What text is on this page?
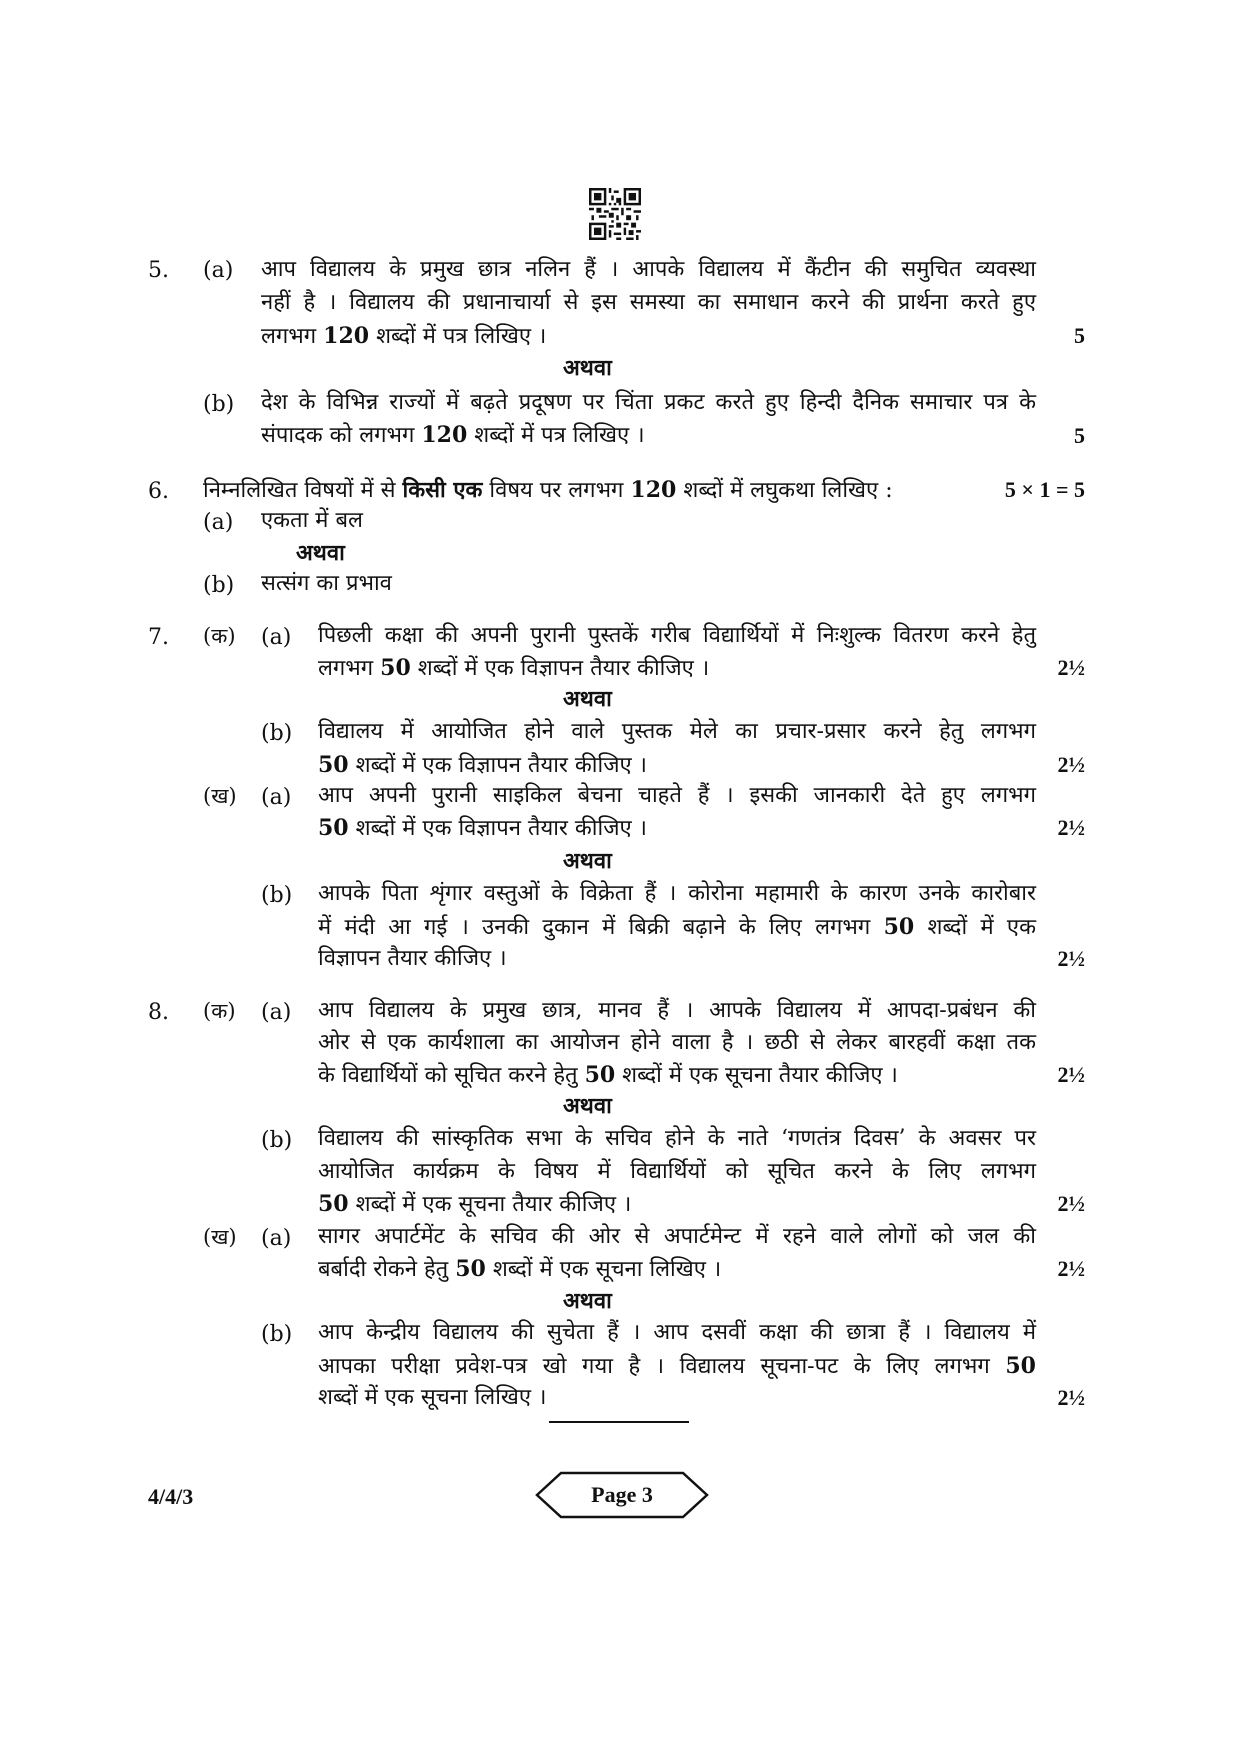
5. (a) आप विद्यालय के प्रमुख छात्र नलिन हैं । आपके विद्यालय में कैंटीन की समुचित व्यवस्था
नहीं है । विद्यालय की प्रधानाचार्या से इस समस्या का समाधान करने की प्रार्थना करते हुए
लगभग 120 शब्दों में पत्र लिखिए ।	5
अथवा
(b) देश के विभिन्न राज्यों में बढ़ते प्रदूषण पर चिंता प्रकट करते हुए हिन्दी दैनिक समाचार पत्र के
संपादक को लगभग 120 शब्दों में पत्र लिखिए ।	5
6. निम्नलिखित विषयों में से किसी एक विषय पर लगभग 120 शब्दों में लघुकथा लिखिए :	5 × 1 = 5
(a) एकता में बल
अथवा
(b) सत्संग का प्रभाव
7. (क) (a) पिछली कक्षा की अपनी पुरानी पुस्तकें गरीब विद्यार्थियों में निःशुल्क वितरण करने हेतु
लगभग 50 शब्दों में एक विज्ञापन तैयार कीजिए ।	2½
अथवा
(b) विद्यालय में आयोजित होने वाले पुस्तक मेले का प्रचार-प्रसार करने हेतु लगभग
50 शब्दों में एक विज्ञापन तैयार कीजिए ।	2½
(ख) (a) आप अपनी पुरानी साइकिल बेचना चाहते हैं । इसकी जानकारी देते हुए लगभग
50 शब्दों में एक विज्ञापन तैयार कीजिए ।	2½
अथवा
(b) आपके पिता शृंगार वस्तुओं के विक्रेता हैं । कोरोना महामारी के कारण उनके कारोबार
में मंदी आ गई । उनकी दुकान में बिक्री बढ़ाने के लिए लगभग 50 शब्दों में एक
विज्ञापन तैयार कीजिए ।	2½
8. (क) (a) आप विद्यालय के प्रमुख छात्र, मानव हैं । आपके विद्यालय में आपदा-प्रबंधन की
ओर से एक कार्यशाला का आयोजन होने वाला है । छठी से लेकर बारहवीं कक्षा तक
के विद्यार्थियों को सूचित करने हेतु 50 शब्दों में एक सूचना तैयार कीजिए ।	2½
अथवा
(b) विद्यालय की सांस्कृतिक सभा के सचिव होने के नाते ‘गणतंत्र दिवस’ के अवसर पर
आयोजित कार्यक्रम के विषय में विद्यार्थियों को सूचित करने के लिए लगभग
50 शब्दों में एक सूचना तैयार कीजिए ।	2½
(ख) (a) सागर अपार्टमेंट के सचिव की ओर से अपार्टमेन्ट में रहने वाले लोगों को जल की
बर्बादी रोकने हेतु 50 शब्दों में एक सूचना लिखिए ।	2½
अथवा
(b) आप केन्द्रीय विद्यालय की सुचेता हैं । आप दसवीं कक्षा की छात्रा हैं । विद्यालय में
आपका परीक्षा प्रवेश-पत्र खो गया है । विद्यालय सूचना-पट के लिए लगभग 50
शब्दों में एक सूचना लिखिए ।	2½
4/4/3	Page 3
